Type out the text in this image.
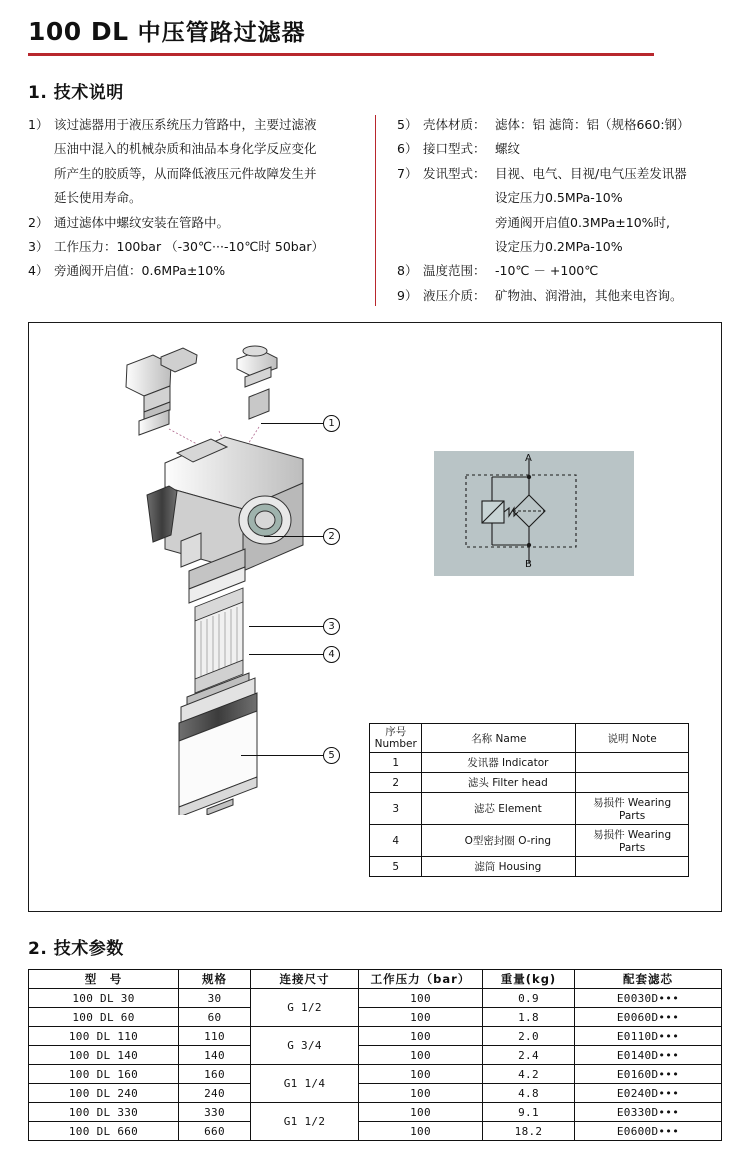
100 DL 中压管路过滤器
1. 技术说明
1） 该过滤器用于液压系统压力管路中，主要过滤液
压油中混入的机械杂质和油品本身化学反应变化
所产生的胶质等，从而降低液压元件故障发生并
延长使用寿命。
2） 通过滤体中螺纹安装在管路中。
3） 工作压力：100bar （-30℃···-10℃时 50bar）
4） 旁通阀开启值：0.6MPa±10%
5） 壳体材质： 滤体：铝 滤筒：铝（规格660:钢）
6） 接口型式： 螺纹
7） 发讯型式： 目视、电气、目视/电气压差发讯器
设定压力0.5MPa-10%
旁通阀开启值0.3MPa±10%时,
设定压力0.2MPa-10%
8） 温度范围： -10℃ － +100℃
9） 液压介质： 矿物油、润滑油，其他来电咨询。
1
2
3
4
5
A
B
序号
Number	名称 Name	说明 Note
1	发讯器 Indicator	
2	滤头 Filter head	
3	滤芯 Element	易损件 Wearing Parts
4	O型密封圈 O-ring	易损件 Wearing Parts
5	滤筒 Housing	
2. 技术参数
型　号	规格	连接尺寸	工作压力（bar）	重量(kg)	配套滤芯
100 DL 30	30	G 1/2	100	0.9	E0030D•••
100 DL 60	60		100	1.8	E0060D•••
100 DL 110	110	G 3/4	100	2.0	E0110D•••
100 DL 140	140		100	2.4	E0140D•••
100 DL 160	160	G1 1/4	100	4.2	E0160D•••
100 DL 240	240		100	4.8	E0240D•••
100 DL 330	330	G1 1/2	100	9.1	E0330D•••
100 DL 660	660		100	18.2	E0600D•••
